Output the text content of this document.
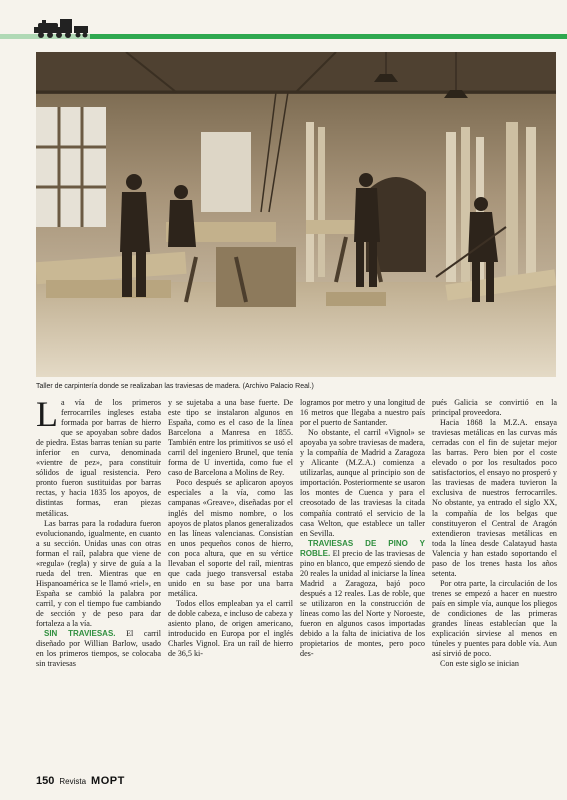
Taller de carpintería donde se realizaban las traviesas de madera. (Archivo Palacio Real.)

La vía de los primeros ferrocarriles ingleses estaba formada por barras de hierro que se apoyaban sobre dados de piedra. Estas barras tenían su parte inferior en curva, denominada «vientre de pez», para constituir sólidos de igual resistencia. Pero pronto fueron sustituidas por barras rectas, y hacia 1835 los apoyos, de distintas formas, eran piezas metálicas.

Las barras para la rodadura fueron evolucionando, igualmente, en cuanto a su sección. Unidas unas con otras forman el raíl, palabra que viene de «regula» (regla) y sirve de guía a la rueda del tren. Mientras que en Hispanoamérica se le llamó «riel», en España se cambió la palabra por carril, y con el tiempo fue cambiando de sección y de peso para dar fortaleza a la vía.

SIN TRAVIESAS. El carril diseñado por Willian Barlow, usado en los primeros tiempos, se colocaba sin traviesas

y se sujetaba a una base fuerte. De este tipo se instalaron algunos en España, como es el caso de la línea Barcelona a Manresa en 1855. También entre los primitivos se usó el carril del ingeniero Brunel, que tenía forma de U invertida, como fue el caso de Barcelona a Molins de Rey.

Poco después se aplicaron apoyos especiales a la vía, como las campanas «Greave», diseñadas por el inglés del mismo nombre, o los apoyos de platos planos generalizados en las líneas valencianas. Consistían en unos pequeños conos de hierro, con poca altura, que en su vértice llevaban el soporte del raíl, mientras que cada juego transversal estaba unido en su base por una barra metálica.

Todos ellos empleaban ya el carril de doble cabeza, e incluso de cabeza y asiento plano, de origen americano, introducido en Europa por el inglés Charles Vignol. Era un raíl de hierro de 36,5 ki-

logramos por metro y una longitud de 16 metros que llegaba a nuestro país por el puerto de Santander.

No obstante, el carril «Vignol» se apoyaba ya sobre traviesas de madera, y la compañía de Madrid a Zaragoza y Alicante (M.Z.A.) comienza a utilizarlas, aunque al principio son de importación. Posteriormente se usaron los montes de Cuenca y para el creosotado de las traviesas la citada compañía contrató el servicio de la casa Welton, que establece un taller en Sevilla.

TRAVIESAS DE PINO Y ROBLE. El precio de las traviesas de pino en blanco, que empezó siendo de 20 reales la unidad al iniciarse la línea Madrid a Zaragoza, bajó poco después a 12 reales. Las de roble, que se utilizaron en la construcción de líneas como las del Norte y Noroeste, fueron en algunos casos importadas debido a la falta de iniciativa de los propietarios de montes, pero poco des-

pués Galicia se convirtió en la principal proveedora.

Hacia 1868 la M.Z.A. ensaya traviesas metálicas en las curvas más cerradas con el fin de sujetar mejor las barras. Pero bien por el coste elevado o por los resultados poco satisfactorios, el ensayo no prosperó y las traviesas de madera tuvieron la exclusiva de nuestros ferrocarriles. No obstante, ya entrado el siglo XX, la compañía de los belgas que constituyeron el Central de Aragón extendieron traviesas metálicas en toda la línea desde Calatayud hasta Valencia y han estado soportando el paso de los trenes hasta los años setenta.

Por otra parte, la circulación de los trenes se empezó a hacer en nuestro país en simple vía, aunque los pliegos de condiciones de las primeras grandes líneas establecían que la explicación sirviese al menos en túneles y puentes para doble vía. Aun así sirvió de poco.

Con este siglo se inician

150 Revista MOPT
